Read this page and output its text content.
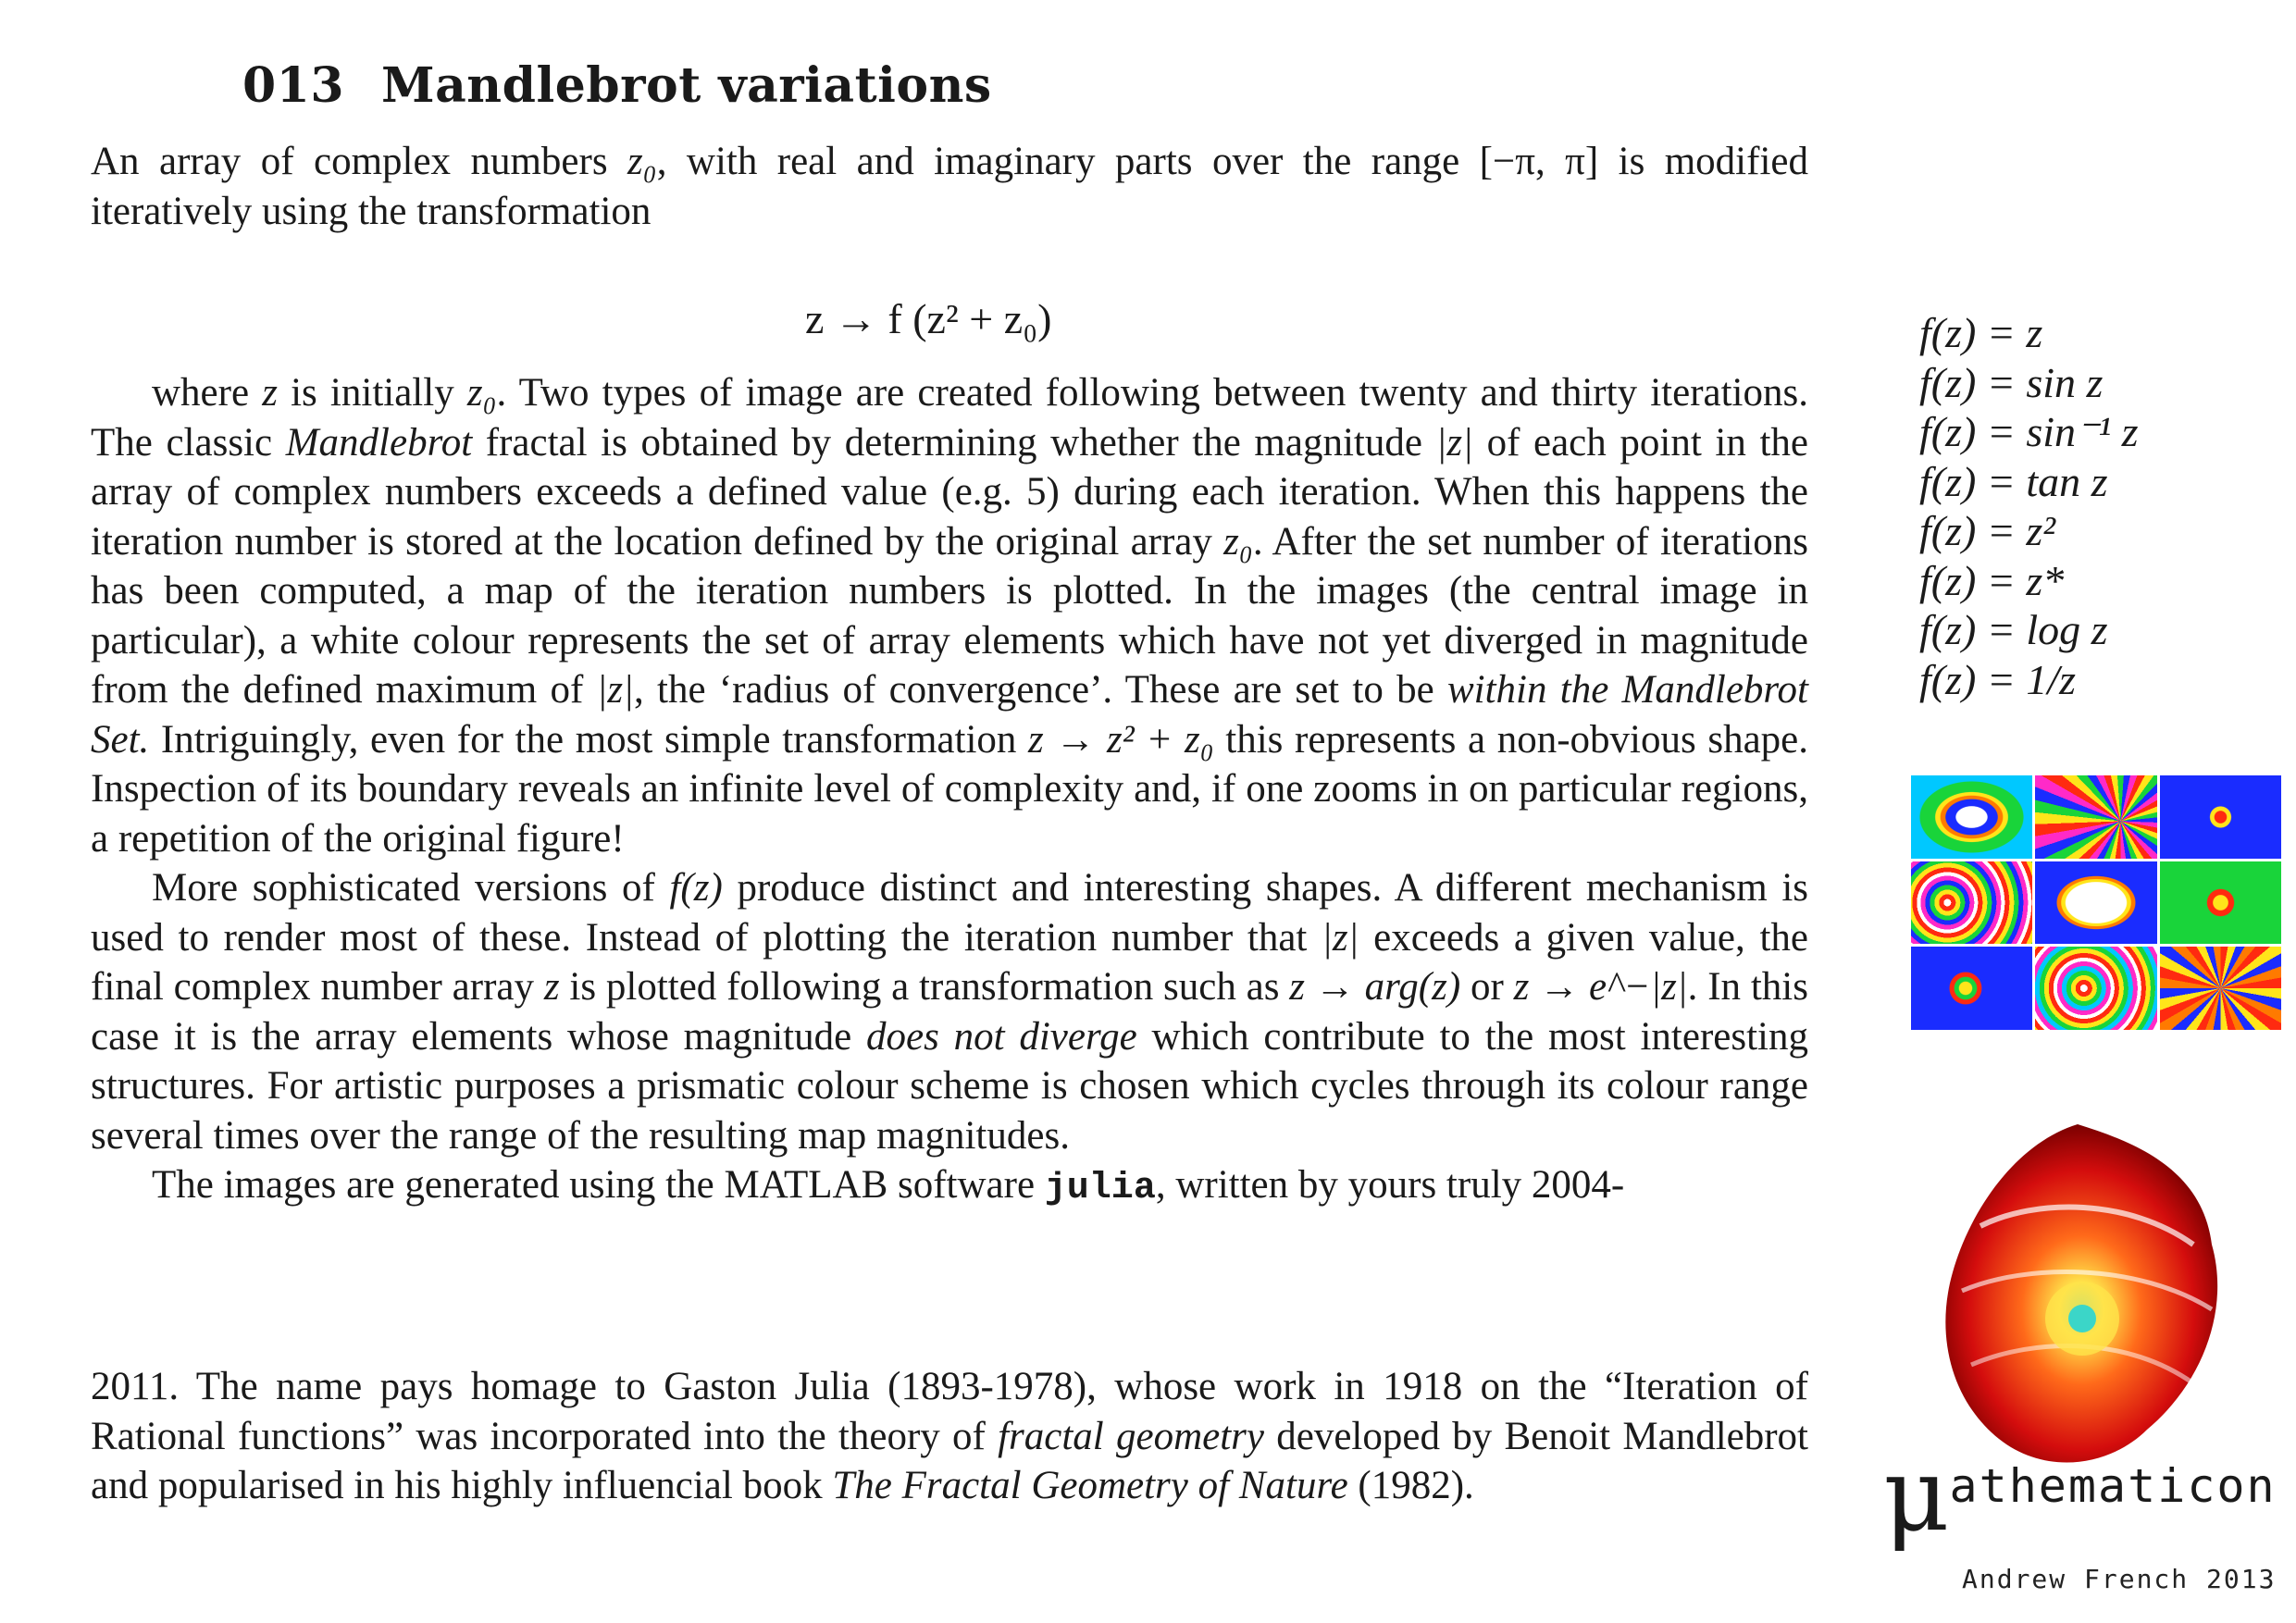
013 Mandlebrot variations

An array of complex numbers z₀, with real and imaginary parts over the range [−π, π] is modified iteratively using the transformation

z → f (z² + z₀)

where z is initially z₀. Two types of image are created following between twenty and thirty iterations. The classic Mandlebrot fractal is obtained by determining whether the magnitude |z| of each point in the array of complex numbers exceeds a defined value (e.g. 5) during each iteration. When this happens the iteration number is stored at the location defined by the original array z₀. After the set number of iterations has been computed, a map of the iteration numbers is plotted. In the images (the central image in particular), a white colour represents the set of array elements which have not yet diverged in magnitude from the defined maximum of |z|, the ‘radius of convergence’. These are set to be within the Mandlebrot Set. Intriguingly, even for the most simple transformation z → z² + z₀ this represents a non-obvious shape. Inspection of its boundary reveals an infinite level of complexity and, if one zooms in on particular regions, a repetition of the original figure!

More sophisticated versions of f(z) produce distinct and interesting shapes. A different mechanism is used to render most of these. Instead of plotting the iteration number that |z| exceeds a given value, the final complex number array z is plotted following a transformation such as z → arg(z) or z → e^−|z|. In this case it is the array elements whose magnitude does not diverge which contribute to the most interesting structures. For artistic purposes a prismatic colour scheme is chosen which cycles through its colour range several times over the range of the resulting map magnitudes.

The images are generated using the MATLAB software julia, written by yours truly 2004-

2011. The name pays homage to Gaston Julia (1893-1978), whose work in 1918 on the “Iteration of Rational functions” was incorporated into the theory of fractal geometry developed by Benoit Mandlebrot and popularised in his highly influencial book The Fractal Geometry of Nature (1982).

f(z) = z
f(z) = sin z
f(z) = sin⁻¹ z
f(z) = tan z
f(z) = z²
f(z) = z*
f(z) = log z
f(z) = 1/z
μathematicon
Andrew French 2013
